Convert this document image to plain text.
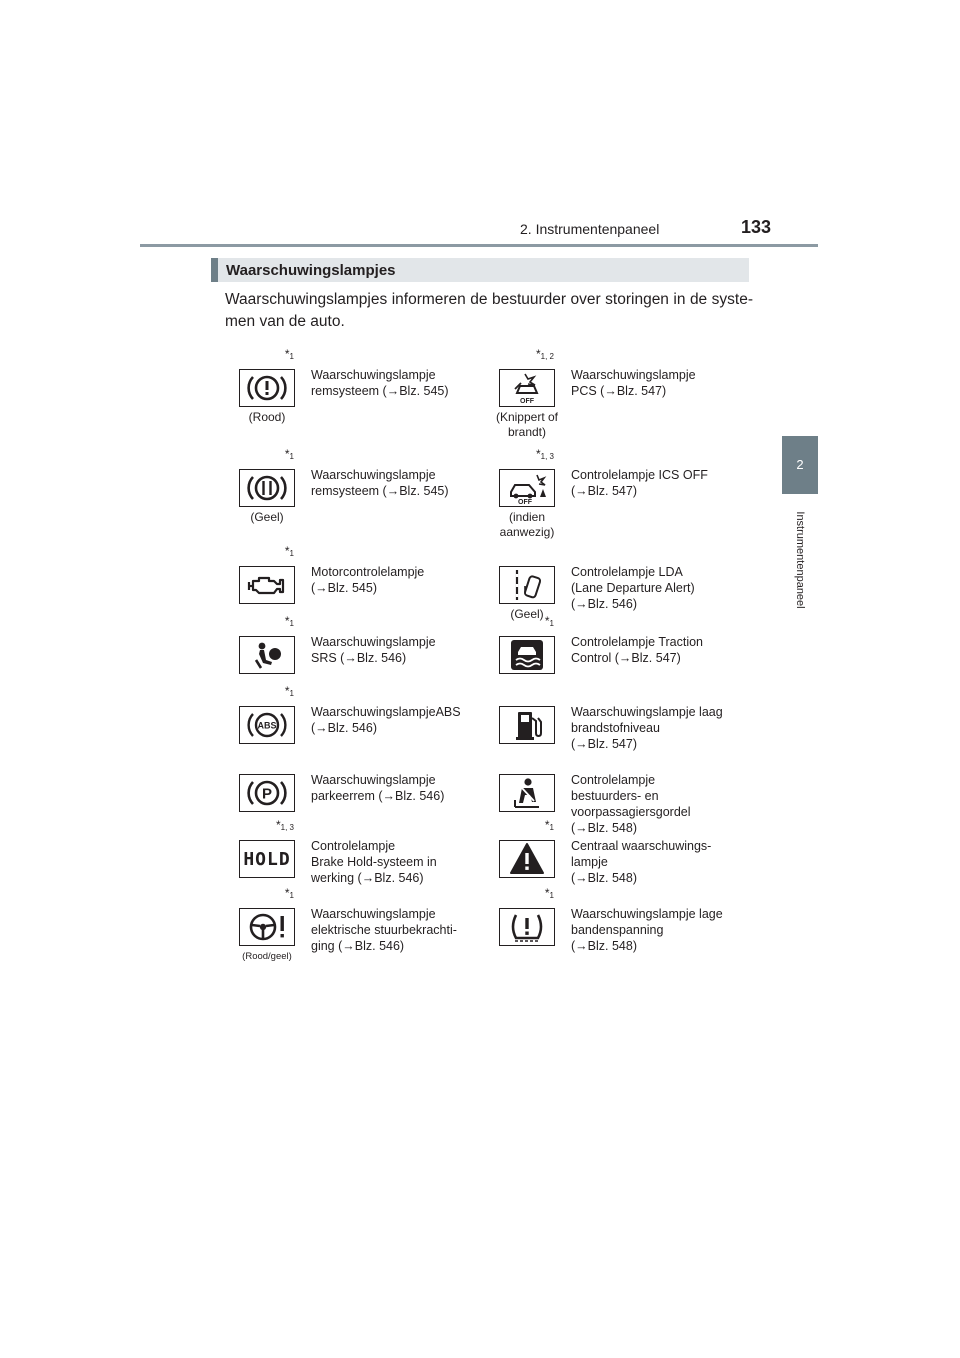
2. Instrumentenpaneel	133
2
Instrumentenpaneel
Waarschuwingslampjes
Waarschuwingslampjes informeren de bestuurder over storingen in de syste- men van de auto.
$*_1$
(Rood)
Waarschuwingslampje
remsysteem (→Blz. 545)
$*_{1, 2}$
OFF
(Knippert of brandt)
Waarschuwingslampje
PCS (→Blz. 547)
$*_1$
(Geel)
Waarschuwingslampje
remsysteem (→Blz. 545)
$*_{1, 3}$
OFF
(indien aanwezig)
Controlelampje ICS OFF
(→Blz. 547)
$*_1$
Motorcontrolelampje
(→Blz. 545)
(Geel)
Controlelampje LDA
(Lane Departure Alert)
(→Blz. 546)
$*_1$
Waarschuwingslampje
SRS (→Blz. 546)
$*_1$
Controlelampje Traction
Control (→Blz. 547)
$*_1$
ABS
WaarschuwingslampjeABS
(→Blz. 546)
Waarschuwingslampje laag
brandstofniveau
(→Blz. 547)
P
Waarschuwingslampje
parkeerrem (→Blz. 546)
Controlelampje
bestuurders- en
voorpassagiersgordel
(→Blz. 548)
$*_{1, 3}$
HOLD
Controlelampje
Brake Hold-systeem in
werking (→Blz. 546)
$*_1$
Centraal waarschuwings-
lampje
(→Blz. 548)
$*_1$
(Rood/geel)
Waarschuwingslampje
elektrische stuurbekrachti-
ging (→Blz. 546)
$*_1$
Waarschuwingslampje lage
bandenspanning
(→Blz. 548)
